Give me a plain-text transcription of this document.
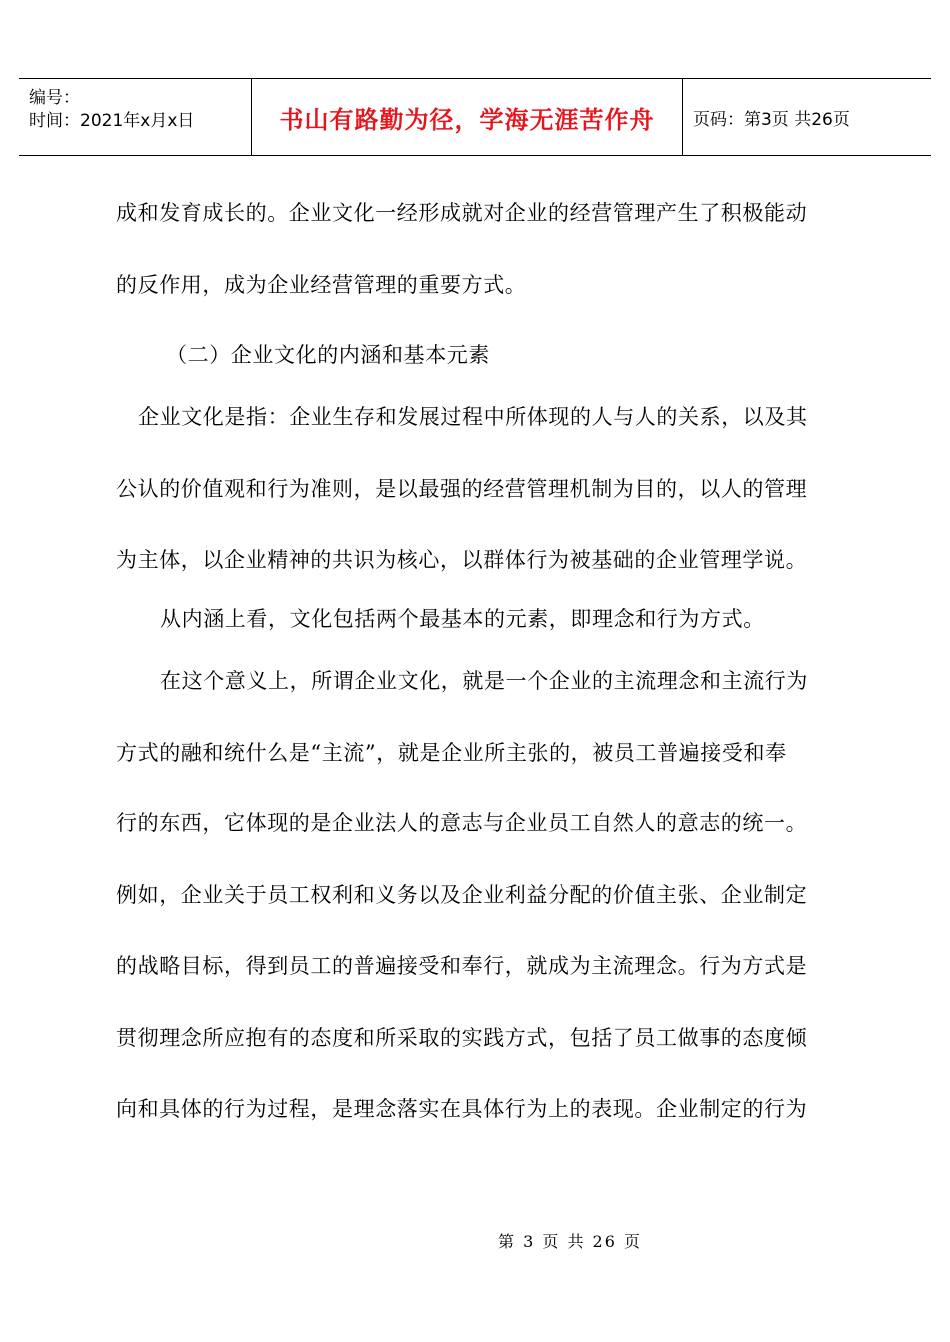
编号：
时间：2021年x月x日	书山有路勤为径，学海无涯苦作舟 页码：第3页 共26页
成和发育成长的。企业文化一经形成就对企业的经营管理产生了积极能动
的反作用，成为企业经营管理的重要方式。
（二）企业文化的内涵和基本元素
企业文化是指：企业生存和发展过程中所体现的人与人的关系，以及其
公认的价值观和行为准则，是以最强的经营管理机制为目的，以人的管理
为主体，以企业精神的共识为核心，以群体行为被基础的企业管理学说。
从内涵上看，文化包括两个最基本的元素，即理念和行为方式。
在这个意义上，所谓企业文化，就是一个企业的主流理念和主流行为
方式的融和统什么是“主流”，就是企业所主张的，被员工普遍接受和奉
行的东西，它体现的是企业法人的意志与企业员工自然人的意志的统一。
例如，企业关于员工权利和义务以及企业利益分配的价值主张、企业制定
的战略目标，得到员工的普遍接受和奉行，就成为主流理念。行为方式是
贯彻理念所应抱有的态度和所采取的实践方式，包括了员工做事的态度倾
向和具体的行为过程，是理念落实在具体行为上的表现。企业制定的行为
第 3 页 共 26 页
